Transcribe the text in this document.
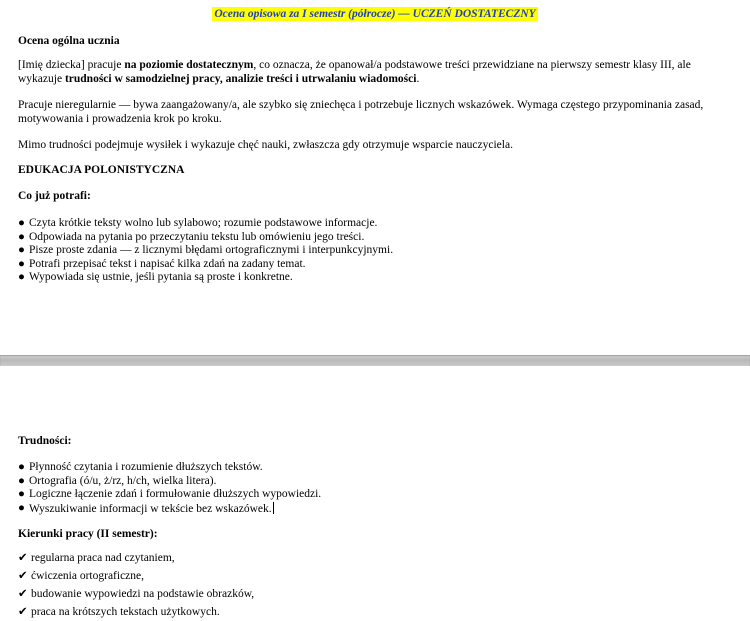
Ocena opisowa za I semestr (półrocze) — UCZEŃ DOSTATECZNY
Ocena ogólna ucznia
[Imię dziecka] pracuje na poziomie dostatecznym, co oznacza, że opanował/a podstawowe treści przewidziane na pierwszy semestr klasy III, ale wykazuje trudności w samodzielnej pracy, analizie treści i utrwalaniu wiadomości.
Pracuje nieregularnie — bywa zaangażowany/a, ale szybko się zniechęca i potrzebuje licznych wskazówek. Wymaga częstego przypominania zasad, motywowania i prowadzenia krok po kroku.
Mimo trudności podejmuje wysiłek i wykazuje chęć nauki, zwłaszcza gdy otrzymuje wsparcie nauczyciela.
EDUKACJA POLONISTYCZNA
Co już potrafi:
● Czyta krótkie teksty wolno lub sylabowo; rozumie podstawowe informacje.
● Odpowiada na pytania po przeczytaniu tekstu lub omówieniu jego treści.
● Pisze proste zdania — z licznymi błędami ortograficznymi i interpunkcyjnymi.
● Potrafi przepisać tekst i napisać kilka zdań na zadany temat.
● Wypowiada się ustnie, jeśli pytania są proste i konkretne.
Trudności:
● Płynność czytania i rozumienie dłuższych tekstów.
● Ortografia (ó/u, ż/rz, h/ch, wielka litera).
● Logiczne łączenie zdań i formułowanie dłuższych wypowiedzi.
● Wyszukiwanie informacji w tekście bez wskazówek.
Kierunki pracy (II semestr):
✔ regularna praca nad czytaniem,
✔ ćwiczenia ortograficzne,
✔ budowanie wypowiedzi na podstawie obrazków,
✔ praca na krótszych tekstach użytkowych.
